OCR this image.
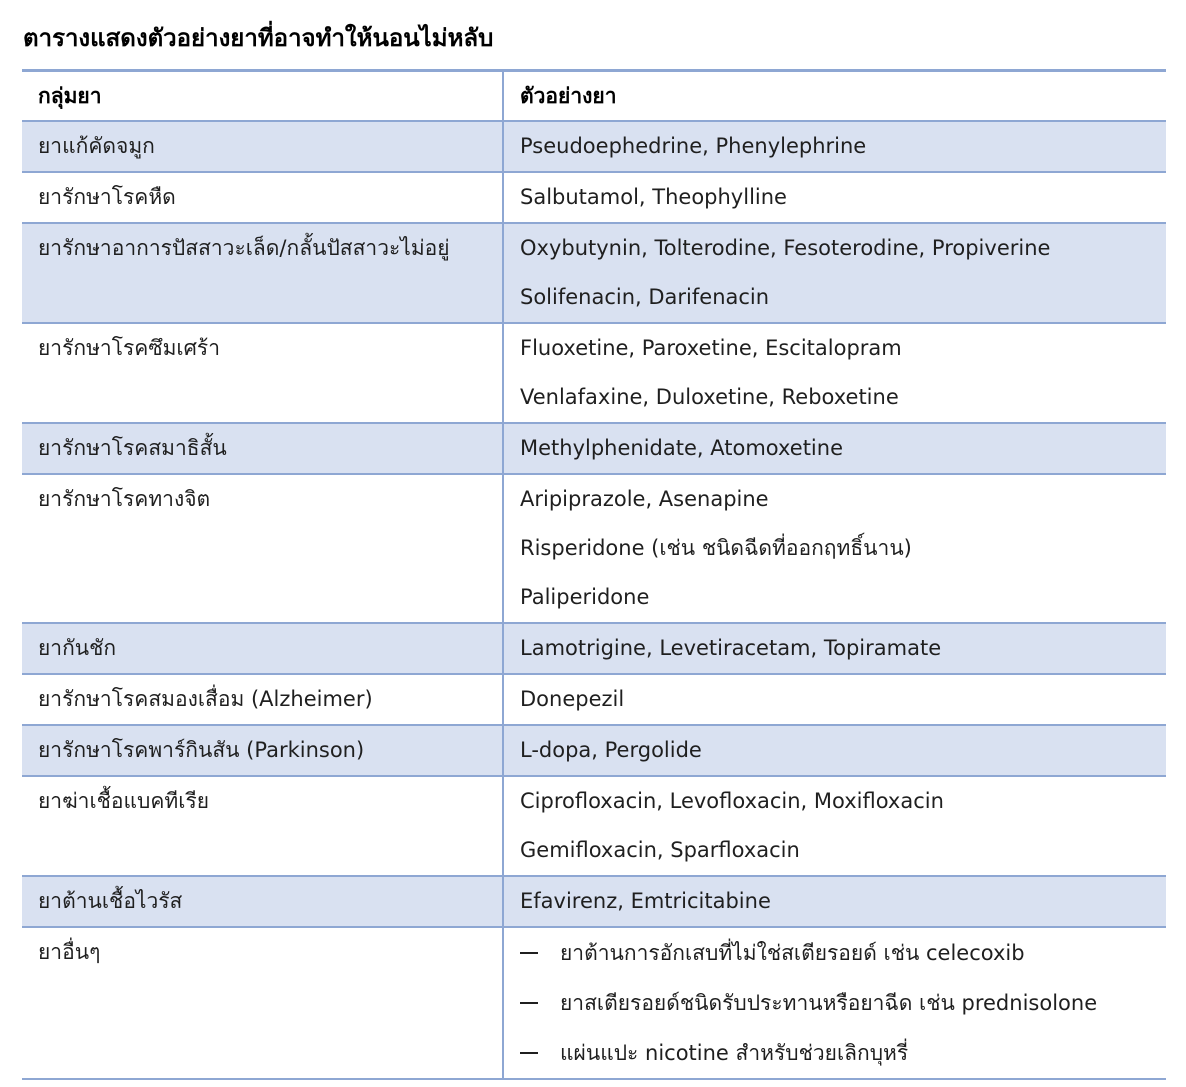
ตารางแสดงตัวอย่างยาที่อาจทำให้นอนไม่หลับ
กลุ่มยา	ตัวอย่างยา
ยาแก้คัดจมูก	Pseudoephedrine, Phenylephrine
ยารักษาโรคหืด	Salbutamol, Theophylline
ยารักษาอาการปัสสาวะเล็ด/กลั้นปัสสาวะไม่อยู่	Oxybutynin, Tolterodine, Fesoterodine, Propiverine
Solifenacin, Darifenacin
ยารักษาโรคซึมเศร้า	Fluoxetine, Paroxetine, Escitalopram
Venlafaxine, Duloxetine, Reboxetine
ยารักษาโรคสมาธิสั้น	Methylphenidate, Atomoxetine
ยารักษาโรคทางจิต	Aripiprazole, Asenapine
Risperidone (เช่น ชนิดฉีดที่ออกฤทธิ์นาน)
Paliperidone
ยากันชัก	Lamotrigine, Levetiracetam, Topiramate
ยารักษาโรคสมองเสื่อม (Alzheimer)	Donepezil
ยารักษาโรคพาร์กินสัน (Parkinson)	L-dopa, Pergolide
ยาฆ่าเชื้อแบคทีเรีย	Ciprofloxacin, Levofloxacin, Moxifloxacin
Gemifloxacin, Sparfloxacin
ยาต้านเชื้อไวรัส	Efavirenz, Emtricitabine
ยาอื่นๆ	ยาต้านการอักเสบที่ไม่ใช่สเตียรอยด์ เช่น celecoxib
ยาสเตียรอยด์ชนิดรับประทานหรือยาฉีด เช่น prednisolone
แผ่นแปะ nicotine สำหรับช่วยเลิกบุหรี่
